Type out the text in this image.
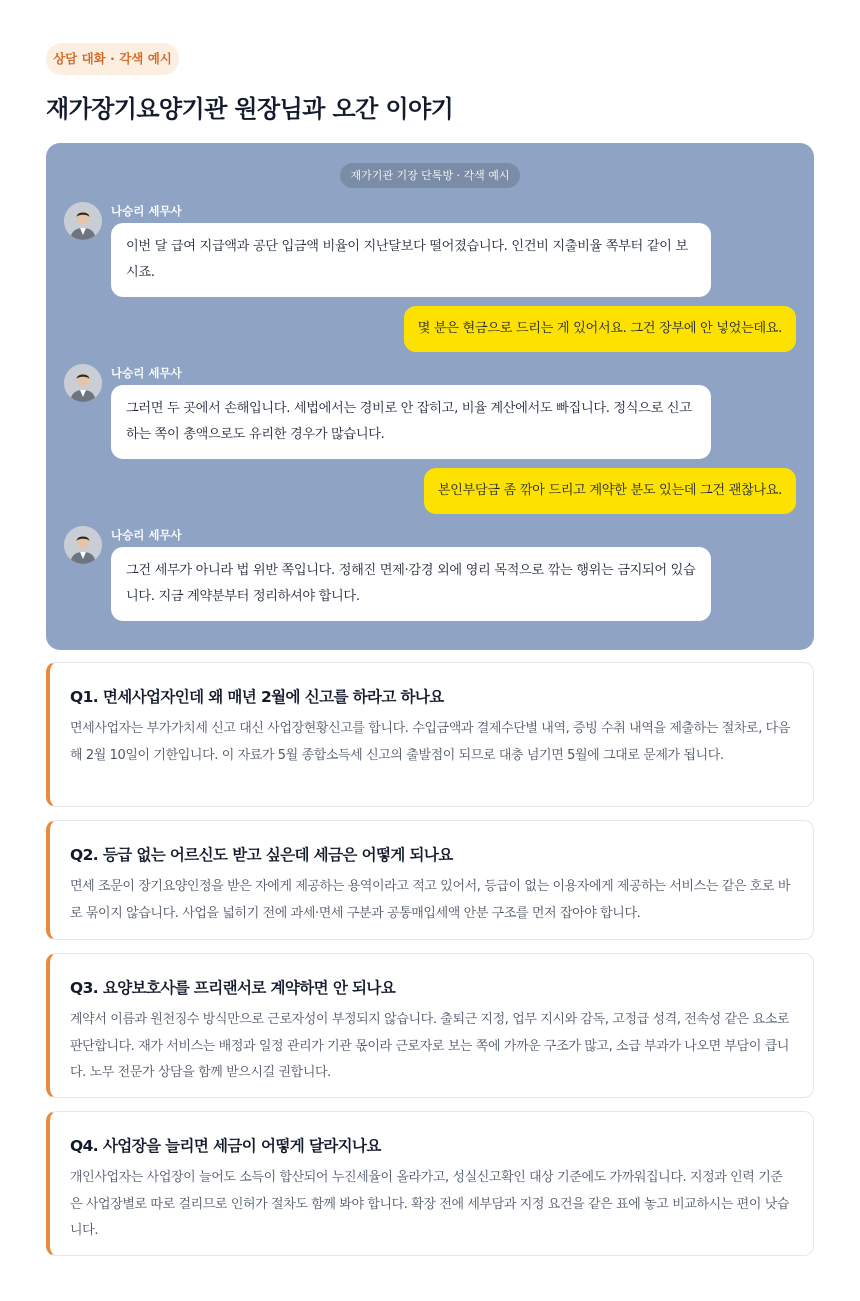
상담 대화 · 각색 예시
재가장기요양기관 원장님과 오간 이야기
재가기관 기장 단톡방 · 각색 예시
나승리 세무사
이번 달 급여 지급액과 공단 입금액 비율이 지난달보다 떨어졌습니다. 인건비 지출비율 쪽부터 같이 보시죠.
몇 분은 현금으로 드리는 게 있어서요. 그건 장부에 안 넣었는데요.
나승리 세무사
그러면 두 곳에서 손해입니다. 세법에서는 경비로 안 잡히고, 비율 계산에서도 빠집니다. 정식으로 신고하는 쪽이 총액으로도 유리한 경우가 많습니다.
본인부담금 좀 깎아 드리고 계약한 분도 있는데 그건 괜찮나요.
나승리 세무사
그건 세무가 아니라 법 위반 쪽입니다. 정해진 면제·감경 외에 영리 목적으로 깎는 행위는 금지되어 있습니다. 지금 계약분부터 정리하셔야 합니다.
Q1. 면세사업자인데 왜 매년 2월에 신고를 하라고 하나요
면세사업자는 부가가치세 신고 대신 사업장현황신고를 합니다. 수입금액과 결제수단별 내역, 증빙 수취 내역을 제출하는 절차로, 다음 해 2월 10일이 기한입니다. 이 자료가 5월 종합소득세 신고의 출발점이 되므로 대충 넘기면 5월에 그대로 문제가 됩니다.
Q2. 등급 없는 어르신도 받고 싶은데 세금은 어떻게 되나요
면세 조문이 장기요양인정을 받은 자에게 제공하는 용역이라고 적고 있어서, 등급이 없는 이용자에게 제공하는 서비스는 같은 호로 바로 묶이지 않습니다. 사업을 넓히기 전에 과세·면세 구분과 공통매입세액 안분 구조를 먼저 잡아야 합니다.
Q3. 요양보호사를 프리랜서로 계약하면 안 되나요
계약서 이름과 원천징수 방식만으로 근로자성이 부정되지 않습니다. 출퇴근 지정, 업무 지시와 감독, 고정급 성격, 전속성 같은 요소로 판단합니다. 재가 서비스는 배정과 일정 관리가 기관 몫이라 근로자로 보는 쪽에 가까운 구조가 많고, 소급 부과가 나오면 부담이 큽니다. 노무 전문가 상담을 함께 받으시길 권합니다.
Q4. 사업장을 늘리면 세금이 어떻게 달라지나요
개인사업자는 사업장이 늘어도 소득이 합산되어 누진세율이 올라가고, 성실신고확인 대상 기준에도 가까워집니다. 지정과 인력 기준은 사업장별로 따로 걸리므로 인허가 절차도 함께 봐야 합니다. 확장 전에 세부담과 지정 요건을 같은 표에 놓고 비교하시는 편이 낫습니다.
